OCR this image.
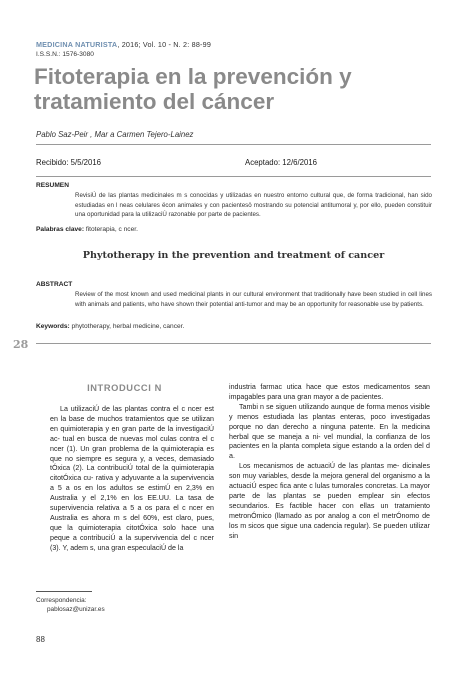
MEDICINA NATURISTA, 2016; Vol. 10 - N. 2: 88-99
I.S.S.N.: 1576-3080
Fitoterapia en la prevención y tratamiento del cáncer
Pablo Saz-Peir , Mar a Carmen Tejero-Lainez
Recibido: 5/5/2016	Aceptado: 12/6/2016
RESUMEN
RevisiÚ de las plantas medicinales m s conocidas y utilizadas en nuestro entorno cultural que, de forma tradicional, han sido estudiadas en l neas celulares ëcon animales y con pacientesö mostrando su potencial antitumoral y, por ello, pueden constituir una oportunidad para la utilizaciÚ razonable por parte de pacientes.
Palabras clave: fitoterapia, c ncer.
Phytotherapy in the prevention and treatment of cancer
ABSTRACT
Review of the most known and used medicinal plants in our cultural environment that traditionally have been studied in cell lines with animals and patients, who have shown their potential anti-tumor and may be an opportunity for reasonable use by patients.
Keywords: phytotherapy, herbal medicine, cancer.
28
INTRODUCCI N

La utilizaciÚ de las plantas contra el c ncer est en la base de muchos tratamientos que se utilizan en quimioterapia y en gran parte de la investigaciÚ ac- tual en busca de nuevas mol culas contra el c ncer (1). Un gran problema de la quimioterapia es que no siempre es segura y, a veces, demasiado tÓxica (2). La contribuciÚ total de la quimioterapia citotÓxica cu- rativa y adyuvante a la supervivencia a 5 a os en los adultos se estimÚ en 2,3% en Australia y el 2,1% en los EE.UU. La tasa de supervivencia relativa a 5 a os para el c ncer en Australia es ahora m s del 60%, est claro, pues, que la quimioterapia citotÓxica solo hace una peque a contribuciÚ a la supervivencia del c ncer (3). Y, adem s, una gran especulaciÚ de la

industria farmac utica hace que estos medicamentos sean impagables para una gran mayor a de pacientes.

Tambi n se siguen utilizando aunque de forma menos visible y menos estudiada las plantas enteras, poco investigadas porque no dan derecho a ninguna patente. En la medicina herbal que se maneja a ni- vel mundial, la confianza de los pacientes en la planta completa sigue estando a la orden del d a.

Los mecanismos de actuaciÚ de las plantas me- dicinales son muy variables, desde la mejora general del organismo a la actuaciÚ espec fica ante c lulas tumorales concretas. La mayor parte de las plantas se pueden emplear sin efectos secundarios. Es factible hacer con ellas un tratamiento metronÓmico (llamado as por analog a con el metrÓnomo de los m sicos que sigue una cadencia regular). Se pueden utilizar sin

Correspondencia:
pablosaz@unizar.es
88
